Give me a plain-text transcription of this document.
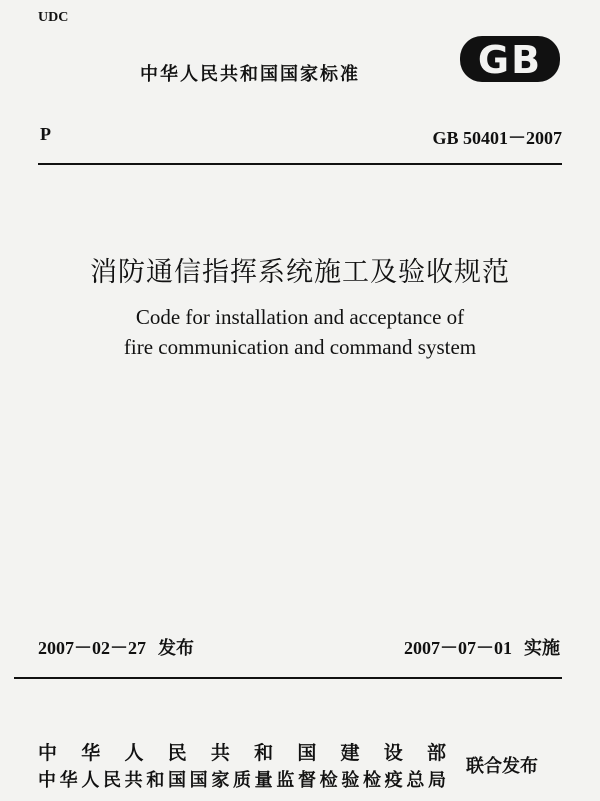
UDC
中华人民共和国国家标准	GB
P	GB 50401－2007
消防通信指挥系统施工及验收规范
Code for installation and acceptance of
fire communication and command system
2007－02－27 发布	2007－07－01 实施
中华人民共和国建设部
中华人民共和国国家质量监督检验检疫总局
联合发布
